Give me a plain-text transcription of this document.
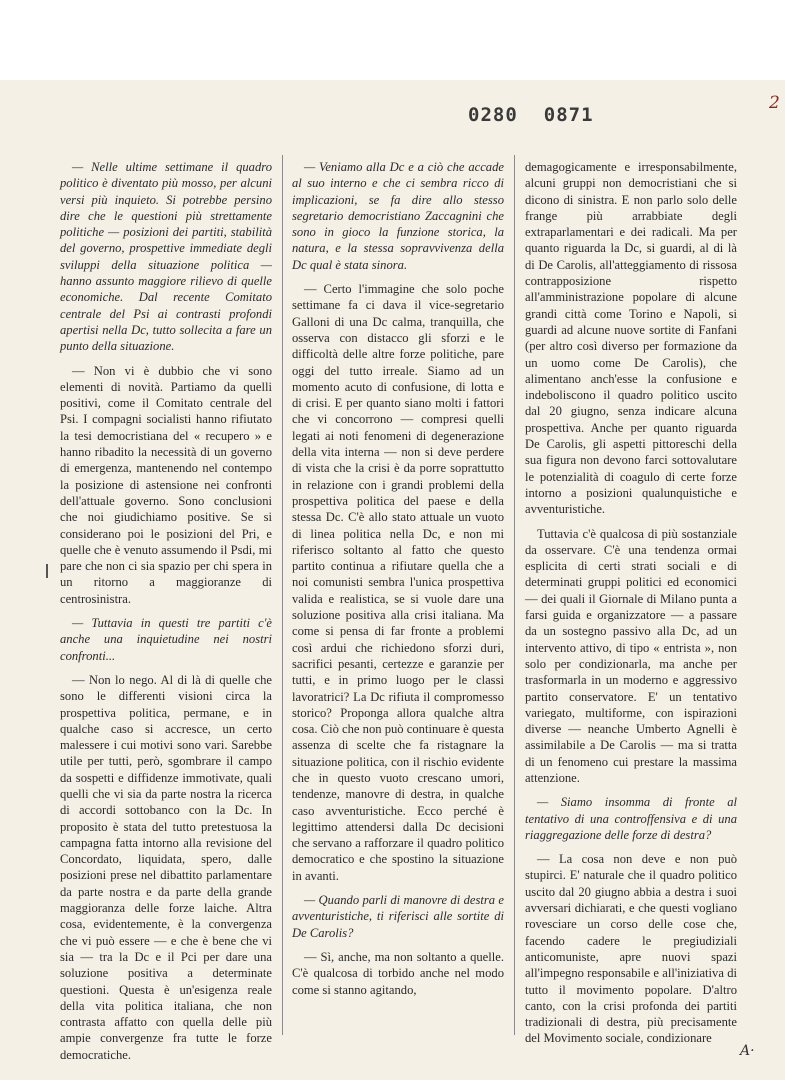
0280 0871
2
A·

— Nelle ultime settimane il quadro politico è diventato più mosso, per alcuni versi più inquieto. Si potrebbe persino dire che le questioni più strettamente politiche — posizioni dei partiti, stabilità del governo, prospettive immediate degli sviluppi della situazione politica — hanno assunto maggiore rilievo di quelle economiche. Dal recente Comitato centrale del Psi ai contrasti profondi apertisi nella Dc, tutto sollecita a fare un punto della situazione.

— Non vi è dubbio che vi sono elementi di novità. Partiamo da quelli positivi, come il Comitato centrale del Psi. I compagni socialisti hanno rifiutato la tesi democristiana del « recupero » e hanno ribadito la necessità di un governo di emergenza, mantenendo nel contempo la posizione di astensione nei confronti dell'attuale governo. Sono conclusioni che noi giudichiamo positive. Se si considerano poi le posizioni del Pri, e quelle che è venuto assumendo il Psdi, mi pare che non ci sia spazio per chi spera in un ritorno a maggioranze di centrosinistra.

— Tuttavia in questi tre partiti c'è anche una inquietudine nei nostri confronti...

— Non lo nego. Al di là di quelle che sono le differenti visioni circa la prospettiva politica, permane, e in qualche caso si accresce, un certo malessere i cui motivi sono vari. Sarebbe utile per tutti, però, sgombrare il campo da sospetti e diffidenze immotivate, quali quelli che vi sia da parte nostra la ricerca di accordi sottobanco con la Dc. In proposito è stata del tutto pretestuosa la campagna fatta intorno alla revisione del Concordato, liquidata, spero, dalle posizioni prese nel dibattito parlamentare da parte nostra e da parte della grande maggioranza delle forze laiche. Altra cosa, evidentemente, è la convergenza che vi può essere — e che è bene che vi sia — tra la Dc e il Pci per dare una soluzione positiva a determinate questioni. Questa è un'esigenza reale della vita politica italiana, che non contrasta affatto con quella delle più ampie convergenze fra tutte le forze democratiche.

— Veniamo alla Dc e a ciò che accade al suo interno e che ci sembra ricco di implicazioni, se fa dire allo stesso segretario democristiano Zaccagnini che sono in gioco la funzione storica, la natura, e la stessa sopravvivenza della Dc qual è stata sinora.

— Certo l'immagine che solo poche settimane fa ci dava il vice-segretario Galloni di una Dc calma, tranquilla, che osserva con distacco gli sforzi e le difficoltà delle altre forze politiche, pare oggi del tutto irreale. Siamo ad un momento acuto di confusione, di lotta e di crisi. E per quanto siano molti i fattori che vi concorrono — compresi quelli legati ai noti fenomeni di degenerazione della vita interna — non si deve perdere di vista che la crisi è da porre soprattutto in relazione con i grandi problemi della prospettiva politica del paese e della stessa Dc. C'è allo stato attuale un vuoto di linea politica nella Dc, e non mi riferisco soltanto al fatto che questo partito continua a rifiutare quella che a noi comunisti sembra l'unica prospettiva valida e realistica, se si vuole dare una soluzione positiva alla crisi italiana. Ma come si pensa di far fronte a problemi così ardui che richiedono sforzi duri, sacrifici pesanti, certezze e garanzie per tutti, e in primo luogo per le classi lavoratrici? La Dc rifiuta il compromesso storico? Proponga allora qualche altra cosa. Ciò che non può continuare è questa assenza di scelte che fa ristagnare la situazione politica, con il rischio evidente che in questo vuoto crescano umori, tendenze, manovre di destra, in qualche caso avventuristiche. Ecco perché è legittimo attendersi dalla Dc decisioni che servano a rafforzare il quadro politico democratico e che spostino la situazione in avanti.

— Quando parli di manovre di destra e avventuristiche, ti riferisci alle sortite di De Carolis?

— Sì, anche, ma non soltanto a quelle. C'è qualcosa di torbido anche nel modo come si stanno agitando,

demagogicamente e irresponsabilmente, alcuni gruppi non democristiani che si dicono di sinistra. E non parlo solo delle frange più arrabbiate degli extraparlamentari e dei radicali. Ma per quanto riguarda la Dc, si guardi, al di là di De Carolis, all'atteggiamento di rissosa contrapposizione rispetto all'amministrazione popolare di alcune grandi città come Torino e Napoli, si guardi ad alcune nuove sortite di Fanfani (per altro così diverso per formazione da un uomo come De Carolis), che alimentano anch'esse la confusione e indeboliscono il quadro politico uscito dal 20 giugno, senza indicare alcuna prospettiva. Anche per quanto riguarda De Carolis, gli aspetti pittoreschi della sua figura non devono farci sottovalutare le potenzialità di coagulo di certe forze intorno a posizioni qualunquistiche e avventuristiche.

Tuttavia c'è qualcosa di più sostanziale da osservare. C'è una tendenza ormai esplicita di certi strati sociali e di determinati gruppi politici ed economici — dei quali il Giornale di Milano punta a farsi guida e organizzatore — a passare da un sostegno passivo alla Dc, ad un intervento attivo, di tipo « entrista », non solo per condizionarla, ma anche per trasformarla in un moderno e aggressivo partito conservatore. E' un tentativo variegato, multiforme, con ispirazioni diverse — neanche Umberto Agnelli è assimilabile a De Carolis — ma si tratta di un fenomeno cui prestare la massima attenzione.

— Siamo insomma di fronte al tentativo di una controffensiva e di una riaggregazione delle forze di destra?

— La cosa non deve e non può stupirci. E' naturale che il quadro politico uscito dal 20 giugno abbia a destra i suoi avversari dichiarati, e che questi vogliano rovesciare un corso delle cose che, facendo cadere le pregiudiziali anticomuniste, apre nuovi spazi all'impegno responsabile e all'iniziativa di tutto il movimento popolare. D'altro canto, con la crisi profonda dei partiti tradizionali di destra, più precisamente del Movimento sociale, condizionare
